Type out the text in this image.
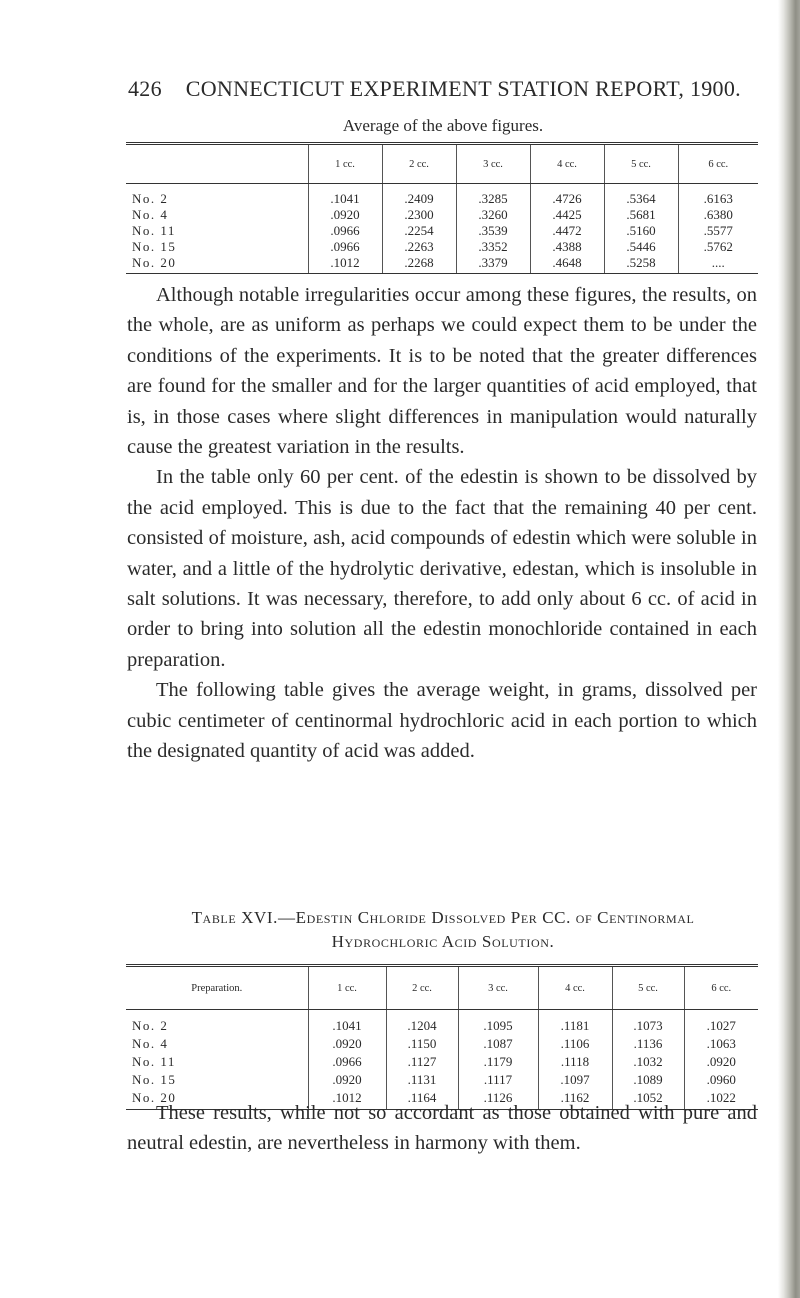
426 CONNECTICUT EXPERIMENT STATION REPORT, 1900.
Average of the above figures.
	1 cc.	2 cc.	3 cc.	4 cc.	5 cc.	6 cc.
No. 2	.1041	.2409	.3285	.4726	.5364	.6163
No. 4	.0920	.2300	.3260	.4425	.5681	.6380
No. 11	.0966	.2254	.3539	.4472	.5160	.5577
No. 15	.0966	.2263	.3352	.4388	.5446	.5762
No. 20	.1012	.2268	.3379	.4648	.5258	....

Although notable irregularities occur among these figures, the results, on the whole, are as uniform as perhaps we could expect them to be under the conditions of the experiments. It is to be noted that the greater differences are found for the smaller and for the larger quantities of acid employed, that is, in those cases where slight differences in manipulation would naturally cause the greatest variation in the results.

In the table only 60 per cent. of the edestin is shown to be dissolved by the acid employed. This is due to the fact that the remaining 40 per cent. consisted of moisture, ash, acid compounds of edestin which were soluble in water, and a little of the hydrolytic derivative, edestan, which is insoluble in salt solutions. It was necessary, therefore, to add only about 6 cc. of acid in order to bring into solution all the edestin monochloride contained in each preparation.

The following table gives the average weight, in grams, dissolved per cubic centimeter of centinormal hydrochloric acid in each portion to which the designated quantity of acid was added.

Table XVI.—Edestin Chloride Dissolved Per CC. of Centinormal
Hydrochloric Acid Solution.
Preparation.	1 cc.	2 cc.	3 cc.	4 cc.	5 cc.	6 cc.
No. 2	.1041	.1204	.1095	.1181	.1073	.1027
No. 4	.0920	.1150	.1087	.1106	.1136	.1063
No. 11	.0966	.1127	.1179	.1118	.1032	.0920
No. 15	.0920	.1131	.1117	.1097	.1089	.0960
No. 20	.1012	.1164	.1126	.1162	.1052	.1022

These results, while not so accordant as those obtained with pure and neutral edestin, are nevertheless in harmony with them.
